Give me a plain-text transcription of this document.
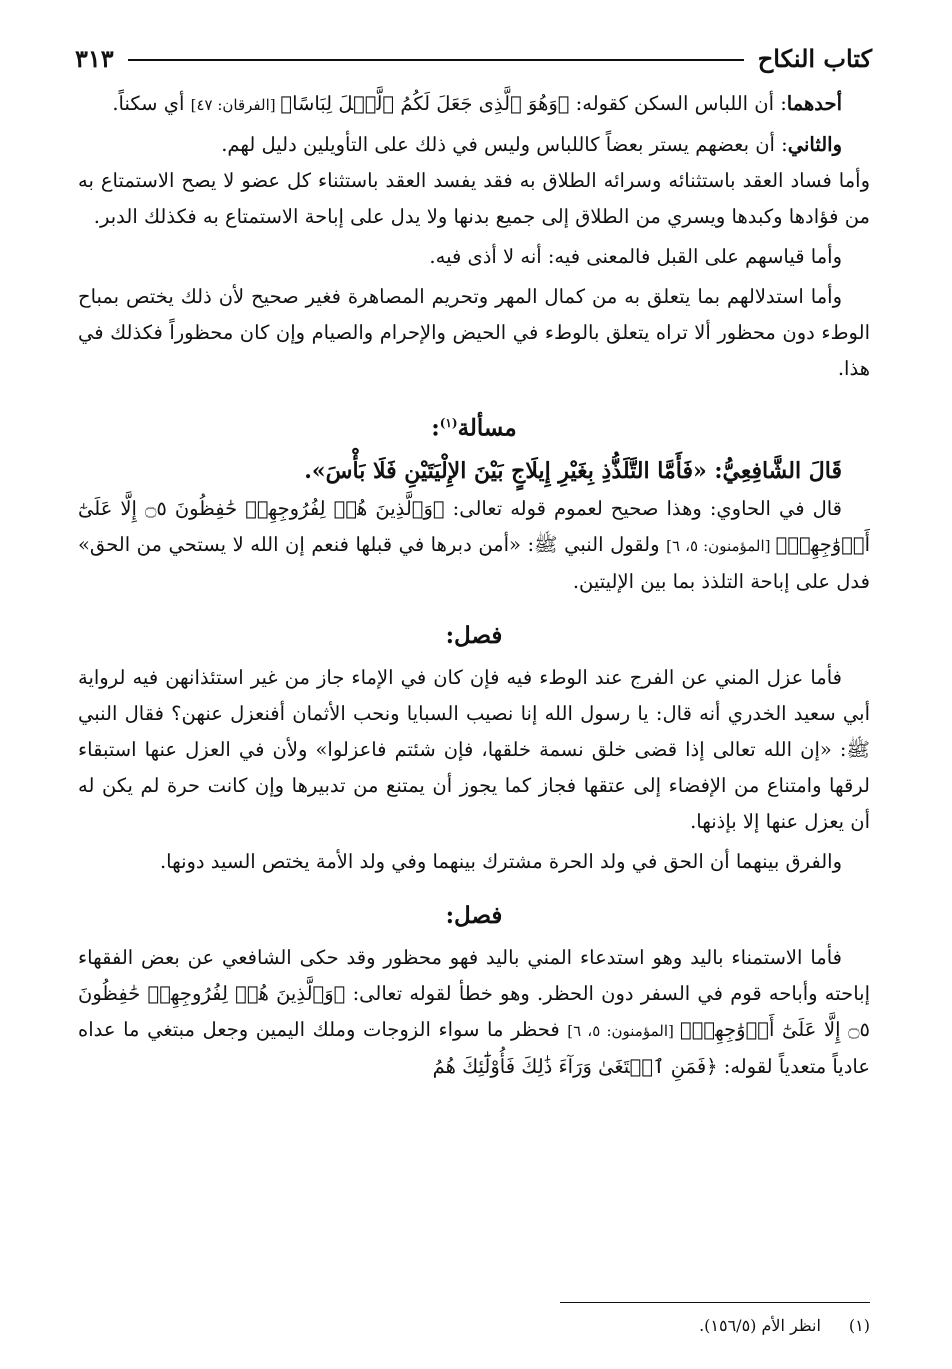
كتاب النكاح
٣١٣

أحدهما: أن اللباس السكن كقوله: ﴿وَهُوَ ٱلَّذِى جَعَلَ لَكُمُ ٱلَّيۡلَ لِبَاسًا﴾ [الفرقان: ٤٧] أي سكناً.

والثاني: أن بعضهم يستر بعضاً كاللباس وليس في ذلك على التأويلين دليل لهم.

وأما فساد العقد باستثنائه وسرائه الطلاق به فقد يفسد العقد باستثناء كل عضو لا يصح الاستمتاع به من فؤادها وكبدها ويسري من الطلاق إلى جميع بدنها ولا يدل على إباحة الاستمتاع به فكذلك الدبر.

وأما قياسهم على القبل فالمعنى فيه: أنه لا أذى فيه.

وأما استدلالهم بما يتعلق به من كمال المهر وتحريم المصاهرة فغير صحيح لأن ذلك يختص بمباح الوطء دون محظور ألا تراه يتعلق بالوطء في الحيض والإحرام والصيام وإن كان محظوراً فكذلك في هذا.

مسألة$^{(١)}$:

قَالَ الشَّافِعِيُّ: «فَأَمَّا التَّلَذُّذِ بِغَيْرِ إِيلَاجٍ بَيْنَ الإِلْيَتَيْنِ فَلَا بَأْسَ».

قال في الحاوي: وهذا صحيح لعموم قوله تعالى: ﴿وَٱلَّذِينَ هُمۡ لِفُرُوجِهِمۡ حَٰفِظُونَ ۝٥ إِلَّا عَلَىٰٓ أَزۡوَٰجِهِمۡ﴾ [المؤمنون: ٥، ٦] ولقول النبي ﷺ: «أمن دبرها في قبلها فنعم إن الله لا يستحي من الحق» فدل على إباحة التلذذ بما بين الإليتين.

فصل:

فأما عزل المني عن الفرج عند الوطء فيه فإن كان في الإماء جاز من غير استئذانهن فيه لرواية أبي سعيد الخدري أنه قال: يا رسول الله إنا نصيب السبايا ونحب الأثمان أفنعزل عنهن؟ فقال النبي ﷺ: «إن الله تعالى إذا قضى خلق نسمة خلقها، فإن شئتم فاعزلوا» ولأن في العزل عنها استبقاء لرقها وامتناع من الإفضاء إلى عتقها فجاز كما يجوز أن يمتنع من تدبيرها وإن كانت حرة لم يكن له أن يعزل عنها إلا بإذنها.

والفرق بينهما أن الحق في ولد الحرة مشترك بينهما وفي ولد الأمة يختص السيد دونها.

فصل:

فأما الاستمناء باليد وهو استدعاء المني باليد فهو محظور وقد حكى الشافعي عن بعض الفقهاء إباحته وأباحه قوم في السفر دون الحظر. وهو خطأ لقوله تعالى: ﴿وَٱلَّذِينَ هُمۡ لِفُرُوجِهِمۡ حَٰفِظُونَ ۝٥ إِلَّا عَلَىٰٓ أَزۡوَٰجِهِمۡ﴾ [المؤمنون: ٥، ٦] فحظر ما سواء الزوجات وملك اليمين وجعل مبتغي ما عداه عادياً متعدياً لقوله: ﴿فَمَنِ ٱبۡتَغَىٰ وَرَآءَ ذَٰلِكَ فَأُوْلَٰٓئِكَ هُمُ

(١)انظر الأم (١٥٦/٥).
